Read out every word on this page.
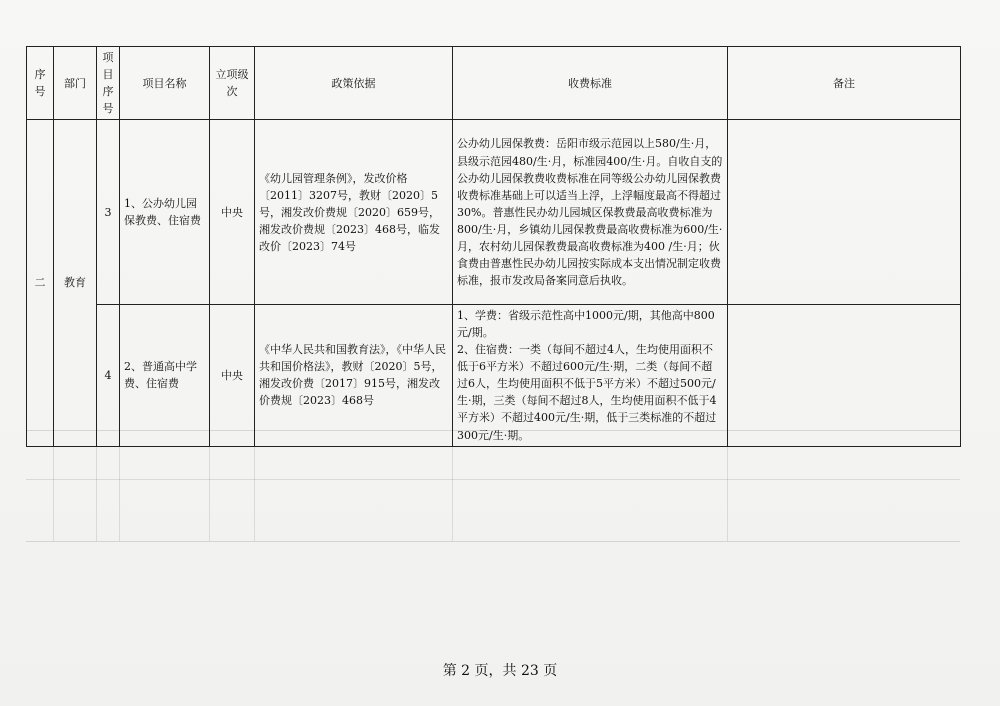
序号	部门	项目序号	项目名称	立项级次	政策依据	收费标准	备注
二	教育	3	1、公办幼儿园保教费、住宿费	中央	《幼儿园管理条例》，发改价格〔2011〕3207号，教财〔2020〕5号，湘发改价费规〔2020〕659号，湘发改价费规〔2023〕468号，临发改价〔2023〕74号	公办幼儿园保教费：岳阳市级示范园以上580/生·月，县级示范园480/生·月，标准园400/生·月。自收自支的公办幼儿园保教费收费标准在同等级公办幼儿园保教费收费标准基础上可以适当上浮，上浮幅度最高不得超过30%。普惠性民办幼儿园城区保教费最高收费标准为800/生·月，乡镇幼儿园保教费最高收费标准为600/生·月，农村幼儿园保教费最高收费标准为400 /生·月；伙食费由普惠性民办幼儿园按实际成本支出情况制定收费标准，报市发改局备案同意后执收。	
		4	2、普通高中学费、住宿费	中央	《中华人民共和国教育法》，《中华人民共和国价格法》，教财〔2020〕5号，湘发改价费〔2017〕915号，湘发改价费规〔2023〕468号	1、学费：省级示范性高中1000元/期，其他高中800元/期。
2、住宿费：一类（每间不超过4人，生均使用面积不低于6平方米）不超过600元/生·期，二类（每间不超过6人，生均使用面积不低于5平方米）不超过500元/生·期，三类（每间不超过8人，生均使用面积不低于4平方米）不超过400元/生·期，低于三类标准的不超过300元/生·期。	

第 2 页，共 23 页
